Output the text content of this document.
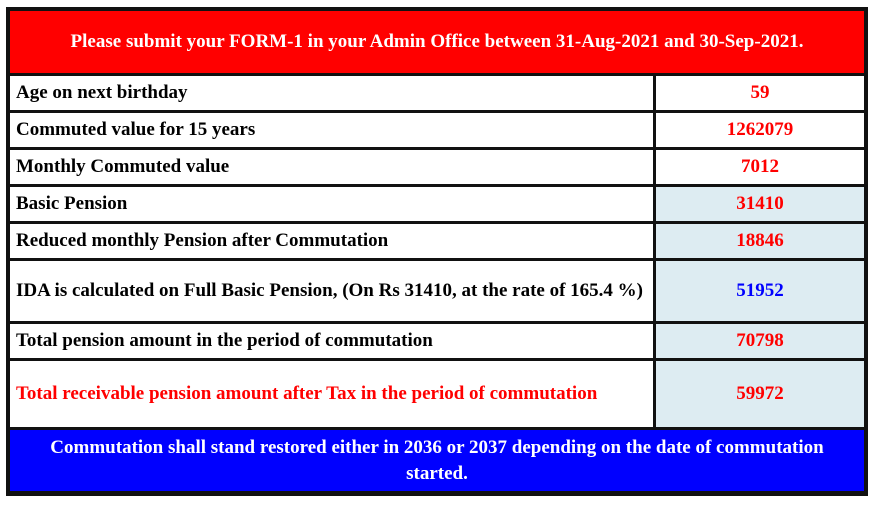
Please submit your FORM-1 in your Admin Office between 31-Aug-2021 and 30-Sep-2021.
Age on next birthday	59
Commuted value for 15 years	1262079
Monthly Commuted value	7012
Basic Pension	31410
Reduced monthly Pension after Commutation	18846
IDA is calculated on Full Basic Pension, (On Rs 31410, at the rate of 165.4 %)	51952
Total pension amount in the period of commutation	70798
Total receivable pension amount after Tax in the period of commutation	59972
Commutation shall stand restored either in 2036 or 2037 depending on the date of commutation started.
